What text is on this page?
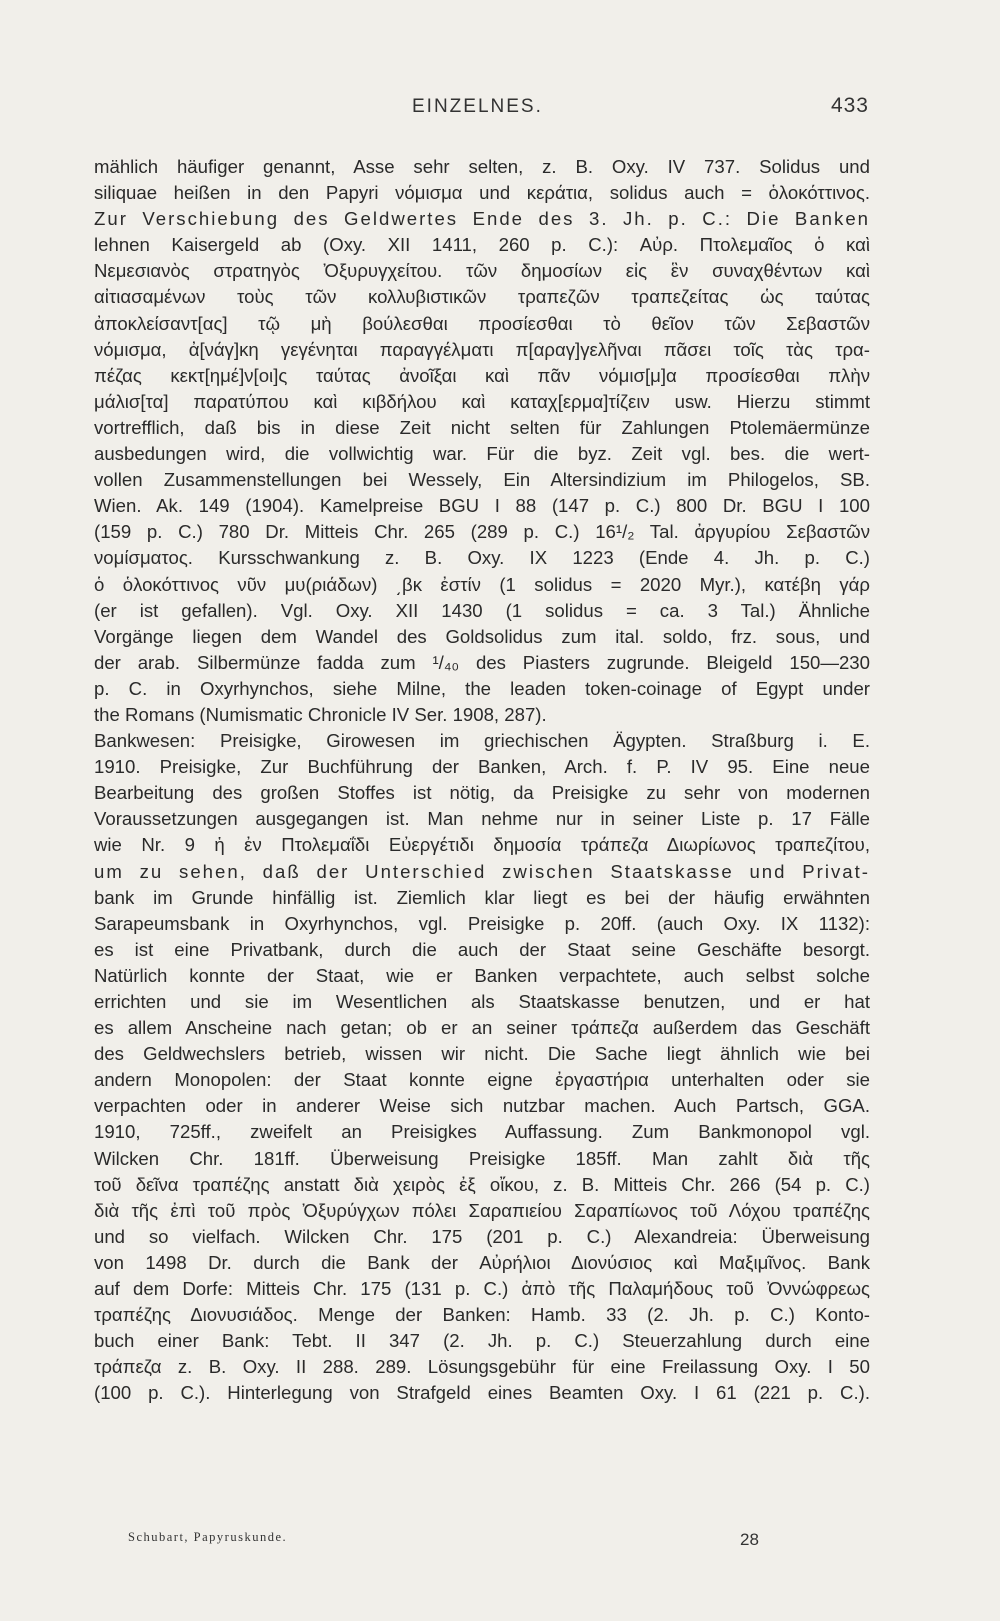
EINZELNES.	433
mählich häufiger genannt, Asse sehr selten, z. B. Oxy. IV 737. Solidus und
siliquae heißen in den Papyri νόμισμα und κεράτια, solidus auch = ὁλοκόττινος.
Zur Verschiebung des Geldwertes Ende des 3. Jh. p. C.: Die Banken
lehnen Kaisergeld ab (Oxy. XII 1411, 260 p. C.): Αὐρ. Πτολεμαῖος ὁ καὶ
Νεμεσιανὸς στρατηγὸς Ὀξυρυγχείτου. τῶν δημοσίων εἰς ἓν συναχθέντων καὶ
αἰτιασαμένων τοὺς τῶν κολλυβιστικῶν τραπεζῶν τραπεζείτας ὡς ταύτας
ἀποκλείσαντ[ας] τῷ μὴ βούλεσθαι προσίεσθαι τὸ θεῖον τῶν Σεβαστῶν
νόμισμα, ἀ[νάγ]κη γεγένηται παραγγέλματι π[αραγ]γελῆναι πᾶσει τοῖς τὰς τρα-
πέζας κεκτ[ημέ]ν[οι]ς ταύτας ἀνοῖξαι καὶ πᾶν νόμισ[μ]α προσίεσθαι πλὴν
μάλισ[τα] παρατύπου καὶ κιβδήλου καὶ καταχ[ερμα]τίζειν usw. Hierzu stimmt
vortrefflich, daß bis in diese Zeit nicht selten für Zahlungen Ptolemäermünze
ausbedungen wird, die vollwichtig war. Für die byz. Zeit vgl. bes. die wert-
vollen Zusammenstellungen bei Wessely, Ein Altersindizium im Philogelos, SB.
Wien. Ak. 149 (1904). Kamelpreise BGU I 88 (147 p. C.) 800 Dr. BGU I 100
(159 p. C.) 780 Dr. Mitteis Chr. 265 (289 p. C.) 16¹/₂ Tal. ἀργυρίου Σεβαστῶν
νομίσματος. Kursschwankung z. B. Oxy. IX 1223 (Ende 4. Jh. p. C.)
ὁ ὁλοκόττινος νῦν μυ(ριάδων) ͵βκ ἐστίν (1 solidus = 2020 Myr.), κατέβη γάρ
(er ist gefallen). Vgl. Oxy. XII 1430 (1 solidus = ca. 3 Tal.) Ähnliche
Vorgänge liegen dem Wandel des Goldsolidus zum ital. soldo, frz. sous, und
der arab. Silbermünze fadda zum ¹/₄₀ des Piasters zugrunde. Bleigeld 150—230
p. C. in Oxyrhynchos, siehe Milne, the leaden token-coinage of Egypt under
the Romans (Numismatic Chronicle IV Ser. 1908, 287).
Bankwesen: Preisigke, Girowesen im griechischen Ägypten. Straßburg i. E.
1910. Preisigke, Zur Buchführung der Banken, Arch. f. P. IV 95. Eine neue
Bearbeitung des großen Stoffes ist nötig, da Preisigke zu sehr von modernen
Voraussetzungen ausgegangen ist. Man nehme nur in seiner Liste p. 17 Fälle
wie Nr. 9 ἡ ἐν Πτολεμαΐδι Εὐεργέτιδι δημοσία τράπεζα Διωρίωνος τραπεζίτου,
um zu sehen, daß der Unterschied zwischen Staatskasse und Privat-
bank im Grunde hinfällig ist. Ziemlich klar liegt es bei der häufig erwähnten
Sarapeumsbank in Oxyrhynchos, vgl. Preisigke p. 20ff. (auch Oxy. IX 1132):
es ist eine Privatbank, durch die auch der Staat seine Geschäfte besorgt.
Natürlich konnte der Staat, wie er Banken verpachtete, auch selbst solche
errichten und sie im Wesentlichen als Staatskasse benutzen, und er hat
es allem Anscheine nach getan; ob er an seiner τράπεζα außerdem das Geschäft
des Geldwechslers betrieb, wissen wir nicht. Die Sache liegt ähnlich wie bei
andern Monopolen: der Staat konnte eigne ἐργαστήρια unterhalten oder sie
verpachten oder in anderer Weise sich nutzbar machen. Auch Partsch, GGA.
1910, 725ff., zweifelt an Preisigkes Auffassung. Zum Bankmonopol vgl.
Wilcken Chr. 181ff. Überweisung Preisigke 185ff. Man zahlt διὰ τῆς
τοῦ δεῖνα τραπέζης anstatt διὰ χειρὸς ἐξ οἴκου, z. B. Mitteis Chr. 266 (54 p. C.)
διὰ τῆς ἐπὶ τοῦ πρὸς Ὀξυρύγχων πόλει Σαραπιείου Σαραπίωνος τοῦ Λόχου τραπέζης
und so vielfach. Wilcken Chr. 175 (201 p. C.) Alexandreia: Überweisung
von 1498 Dr. durch die Bank der Αὐρήλιοι Διονύσιος καὶ Μαξιμῖνος. Bank
auf dem Dorfe: Mitteis Chr. 175 (131 p. C.) ἀπὸ τῆς Παλαμήδους τοῦ Ὀννώφρεως
τραπέζης Διονυσιάδος. Menge der Banken: Hamb. 33 (2. Jh. p. C.) Konto-
buch einer Bank: Tebt. II 347 (2. Jh. p. C.) Steuerzahlung durch eine
τράπεζα z. B. Oxy. II 288. 289. Lösungsgebühr für eine Freilassung Oxy. I 50
(100 p. C.). Hinterlegung von Strafgeld eines Beamten Oxy. I 61 (221 p. C.).
Schubart, Papyruskunde.	28
